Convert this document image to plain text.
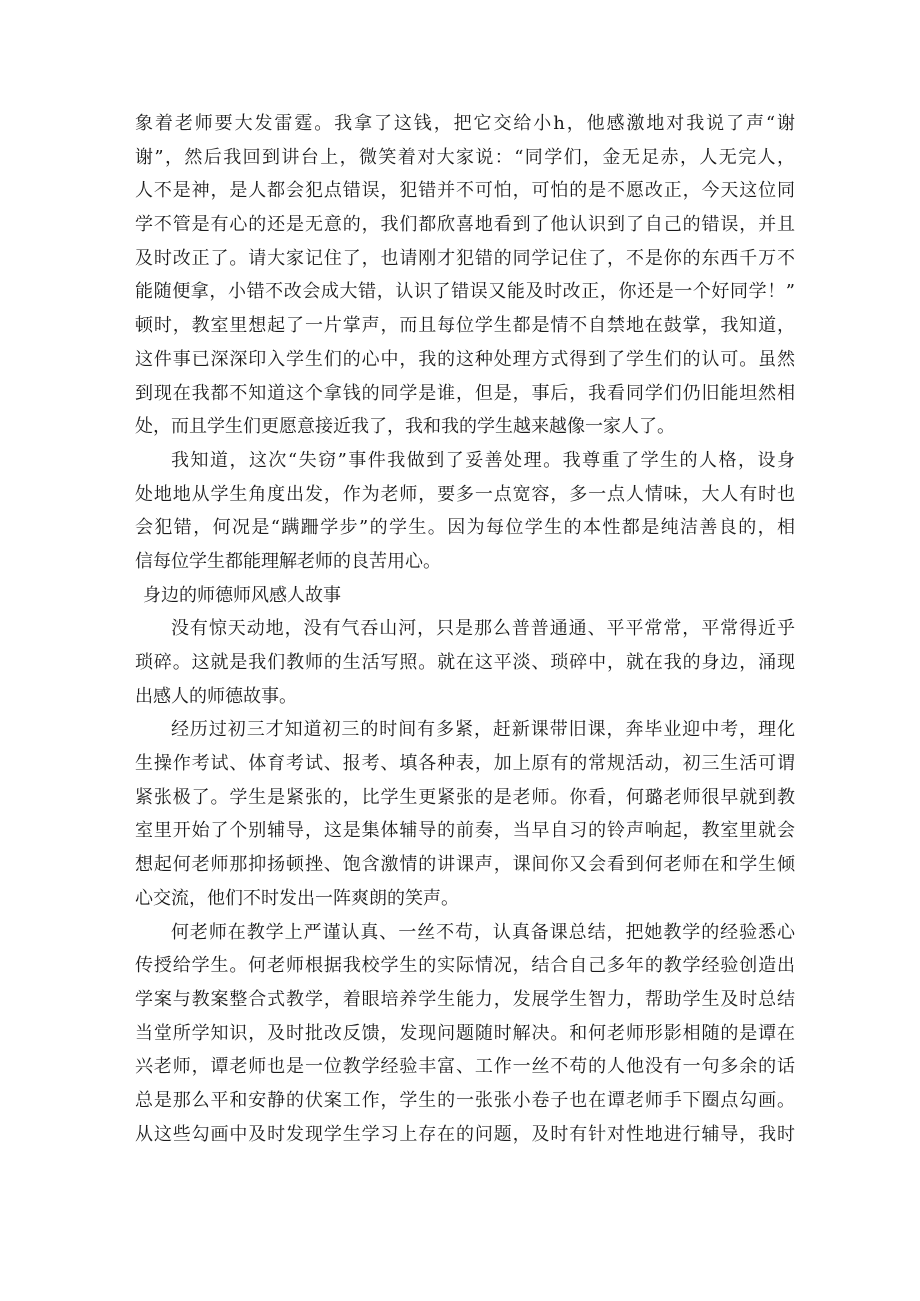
象着老师要大发雷霆。我拿了这钱，把它交给小h，他感激地对我说了声“谢
谢”，然后我回到讲台上，微笑着对大家说：“同学们，金无足赤，人无完人，
人不是神，是人都会犯点错误，犯错并不可怕，可怕的是不愿改正，今天这位同
学不管是有心的还是无意的，我们都欣喜地看到了他认识到了自己的错误，并且
及时改正了。请大家记住了，也请刚才犯错的同学记住了，不是你的东西千万不
能随便拿，小错不改会成大错，认识了错误又能及时改正，你还是一个好同学！”
顿时，教室里想起了一片掌声，而且每位学生都是情不自禁地在鼓掌，我知道，
这件事已深深印入学生们的心中，我的这种处理方式得到了学生们的认可。虽然
到现在我都不知道这个拿钱的同学是谁，但是，事后，我看同学们仍旧能坦然相
处，而且学生们更愿意接近我了，我和我的学生越来越像一家人了。
我知道，这次“失窃”事件我做到了妥善处理。我尊重了学生的人格，设身
处地地从学生角度出发，作为老师，要多一点宽容，多一点人情味，大人有时也
会犯错，何况是“蹒跚学步”的学生。因为每位学生的本性都是纯洁善良的，相
信每位学生都能理解老师的良苦用心。
身边的师德师风感人故事
没有惊天动地，没有气吞山河，只是那么普普通通、平平常常，平常得近乎
琐碎。这就是我们教师的生活写照。就在这平淡、琐碎中，就在我的身边，涌现
出感人的师德故事。
经历过初三才知道初三的时间有多紧，赶新课带旧课，奔毕业迎中考，理化
生操作考试、体育考试、报考、填各种表，加上原有的常规活动，初三生活可谓
紧张极了。学生是紧张的，比学生更紧张的是老师。你看，何璐老师很早就到教
室里开始了个别辅导，这是集体辅导的前奏，当早自习的铃声响起，教室里就会
想起何老师那抑扬顿挫、饱含激情的讲课声，课间你又会看到何老师在和学生倾
心交流，他们不时发出一阵爽朗的笑声。
何老师在教学上严谨认真、一丝不苟，认真备课总结，把她教学的经验悉心
传授给学生。何老师根据我校学生的实际情况，结合自己多年的教学经验创造出
学案与教案整合式教学，着眼培养学生能力，发展学生智力，帮助学生及时总结
当堂所学知识，及时批改反馈，发现问题随时解决。和何老师形影相随的是谭在
兴老师，谭老师也是一位教学经验丰富、工作一丝不苟的人他没有一句多余的话
总是那么平和安静的伏案工作，学生的一张张小卷子也在谭老师手下圈点勾画。
从这些勾画中及时发现学生学习上存在的问题，及时有针对性地进行辅导，我时
